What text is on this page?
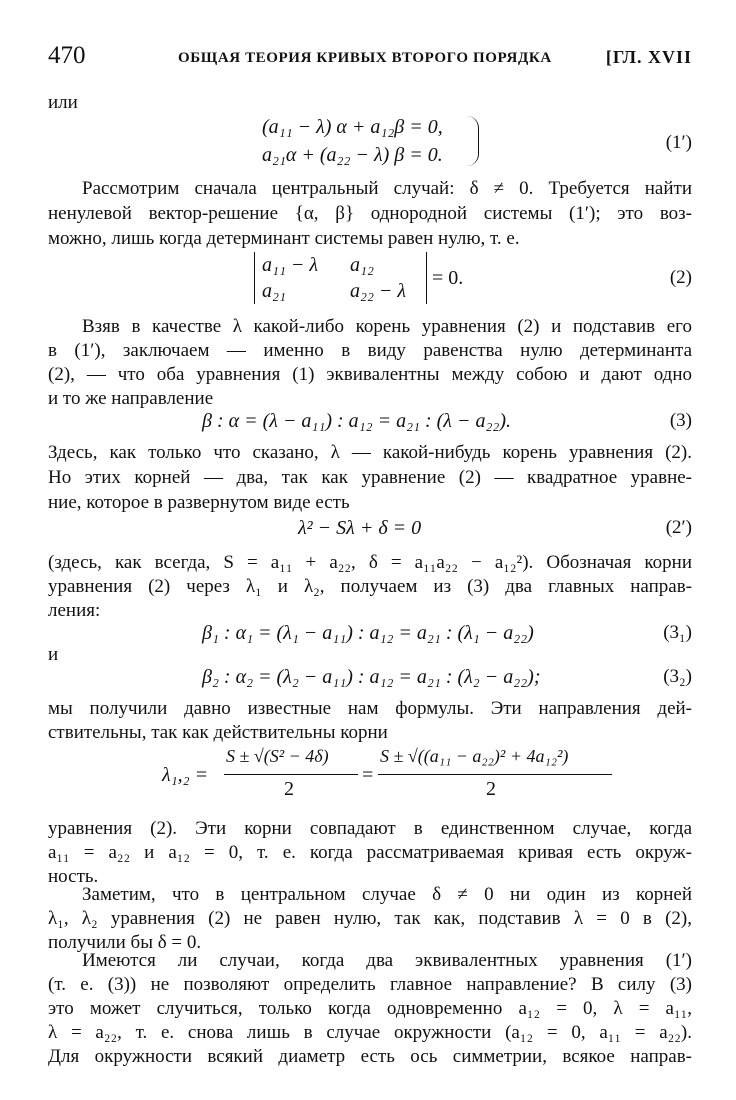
470	ОБЩАЯ ТЕОРИЯ КРИВЫХ ВТОРОГО ПОРЯДКА	[ГЛ. XVII
или
(a₁₁ − λ) α + a₁₂β = 0,
a₂₁α + (a₂₂ − λ) β = 0.
(1′)
Рассмотрим сначала центральный случай: δ ≠ 0. Требуется найти
ненулевой вектор-решение {α, β} однородной системы (1′); это воз-
можно, лишь когда детерминант системы равен нулю, т. е.
a₁₁ − λ a₁₂
a₂₁	a₂₂ − λ
= 0.	(2)
Взяв в качестве λ какой-либо корень уравнения (2) и подставив его
в (1′), заключаем — именно в виду равенства нулю детерминанта
(2), — что оба уравнения (1) эквивалентны между собою и дают одно
и то же направление
β : α = (λ − a₁₁) : a₁₂ = a₂₁ : (λ − a₂₂).	(3)
Здесь, как только что сказано, λ — какой-нибудь корень уравнения (2).
Но этих корней — два, так как уравнение (2) — квадратное уравне-
ние, которое в развернутом виде есть
λ² − Sλ + δ = 0	(2′)
(здесь, как всегда, S = a₁₁ + a₂₂, δ = a₁₁a₂₂ − a₁₂²). Обозначая корни
уравнения (2) через λ₁ и λ₂, получаем из (3) два главных направ-
ления:
β₁ : α₁ = (λ₁ − a₁₁) : a₁₂ = a₂₁ : (λ₁ − a₂₂)	(3₁)
и
β₂ : α₂ = (λ₂ − a₁₁) : a₁₂ = a₂₁ : (λ₂ − a₂₂);	(3₂)
мы получили давно известные нам формулы. Эти направления дей-
ствительны, так как действительны корни
λ₁,₂ =
S ± √(S² − 4δ)
2
=
S ± √((a₁₁ − a₂₂)² + 4a₁₂²)
2
уравнения (2). Эти корни совпадают в единственном случае, когда
a₁₁ = a₂₂ и a₁₂ = 0, т. е. когда рассматриваемая кривая есть окруж-
ность.
Заметим, что в центральном случае δ ≠ 0 ни один из корней
λ₁, λ₂ уравнения (2) не равен нулю, так как, подставив λ = 0 в (2),
получили бы δ = 0.
Имеются ли случаи, когда два эквивалентных уравнения (1′)
(т. е. (3)) не позволяют определить главное направление? В силу (3)
это может случиться, только когда одновременно a₁₂ = 0, λ = a₁₁,
λ = a₂₂, т. е. снова лишь в случае окружности (a₁₂ = 0, a₁₁ = a₂₂).
Для окружности всякий диаметр есть ось симметрии, всякое направ-
